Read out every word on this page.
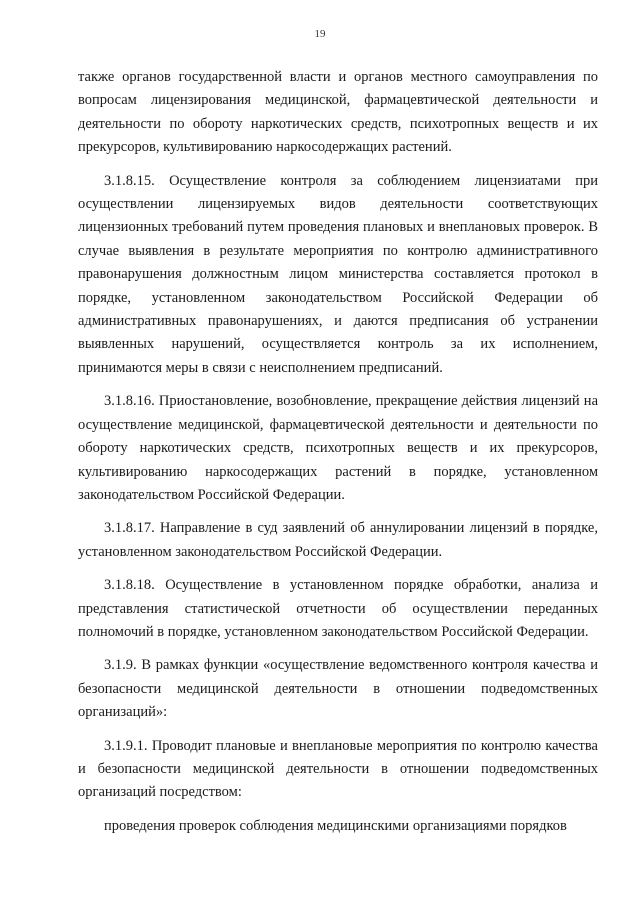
19

также органов государственной власти и органов местного самоуправления по вопросам лицензирования медицинской, фармацевтической деятельности и деятельности по обороту наркотических средств, психотропных веществ и их прекурсоров, культивированию наркосодержащих растений.

3.1.8.15. Осуществление контроля за соблюдением лицензиатами при осуществлении лицензируемых видов деятельности соответствующих лицензионных требований путем проведения плановых и внеплановых проверок. В случае выявления в результате мероприятия по контролю административного правонарушения должностным лицом министерства составляется протокол в порядке, установленном законодательством Российской Федерации об административных правонарушениях, и даются предписания об устранении выявленных нарушений, осуществляется контроль за их исполнением, принимаются меры в связи с неисполнением предписаний.

3.1.8.16. Приостановление, возобновление, прекращение действия лицензий на осуществление медицинской, фармацевтической деятельности и деятельности по обороту наркотических средств, психотропных веществ и их прекурсоров, культивированию наркосодержащих растений в порядке, установленном законодательством Российской Федерации.

3.1.8.17. Направление в суд заявлений об аннулировании лицензий в порядке, установленном законодательством Российской Федерации.

3.1.8.18. Осуществление в установленном порядке обработки, анализа и представления статистической отчетности об осуществлении переданных полномочий в порядке, установленном законодательством Российской Федерации.

3.1.9. В рамках функции «осуществление ведомственного контроля качества и безопасности медицинской деятельности в отношении подведомственных организаций»:

3.1.9.1. Проводит плановые и внеплановые мероприятия по контролю качества и безопасности медицинской деятельности в отношении подведомственных организаций посредством:

проведения проверок соблюдения медицинскими организациями порядков
